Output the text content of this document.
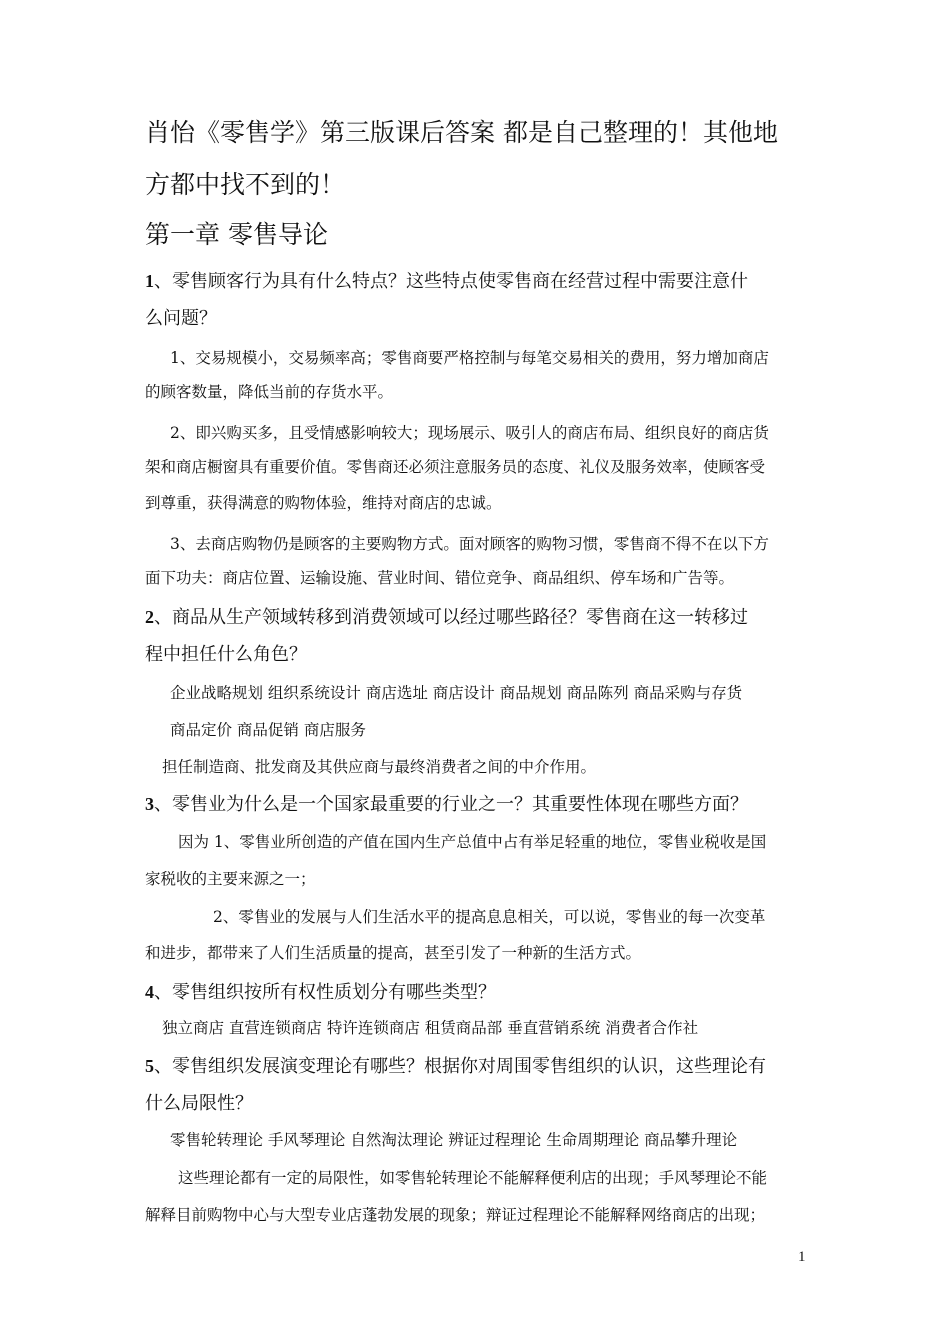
肖怡《零售学》第三版课后答案 都是自己整理的！其他地
方都中找不到的！
第一章 零售导论
1、零售顾客行为具有什么特点？这些特点使零售商在经营过程中需要注意什
么问题？
1、交易规模小，交易频率高；零售商要严格控制与每笔交易相关的费用，努力增加商店
的顾客数量，降低当前的存货水平。
2、即兴购买多，且受情感影响较大；现场展示、吸引人的商店布局、组织良好的商店货
架和商店橱窗具有重要价值。零售商还必须注意服务员的态度、礼仪及服务效率，使顾客受
到尊重，获得满意的购物体验，维持对商店的忠诚。
3、去商店购物仍是顾客的主要购物方式。面对顾客的购物习惯，零售商不得不在以下方
面下功夫：商店位置、运输设施、营业时间、错位竞争、商品组织、停车场和广告等。
2、商品从生产领域转移到消费领域可以经过哪些路径？零售商在这一转移过
程中担任什么角色？
企业战略规划 组织系统设计 商店选址 商店设计 商品规划 商品陈列 商品采购与存货
商品定价 商品促销 商店服务
担任制造商、批发商及其供应商与最终消费者之间的中介作用。
3、零售业为什么是一个国家最重要的行业之一？其重要性体现在哪些方面？
因为 1、零售业所创造的产值在国内生产总值中占有举足轻重的地位，零售业税收是国
家税收的主要来源之一；
2、零售业的发展与人们生活水平的提高息息相关，可以说，零售业的每一次变革
和进步，都带来了人们生活质量的提高，甚至引发了一种新的生活方式。
4、零售组织按所有权性质划分有哪些类型？
独立商店 直营连锁商店 特许连锁商店 租赁商品部 垂直营销系统 消费者合作社
5、零售组织发展演变理论有哪些？根据你对周围零售组织的认识，这些理论有
什么局限性？
零售轮转理论 手风琴理论 自然淘汰理论 辨证过程理论 生命周期理论 商品攀升理论
这些理论都有一定的局限性，如零售轮转理论不能解释便利店的出现；手风琴理论不能
解释目前购物中心与大型专业店蓬勃发展的现象；辩证过程理论不能解释网络商店的出现；
1
